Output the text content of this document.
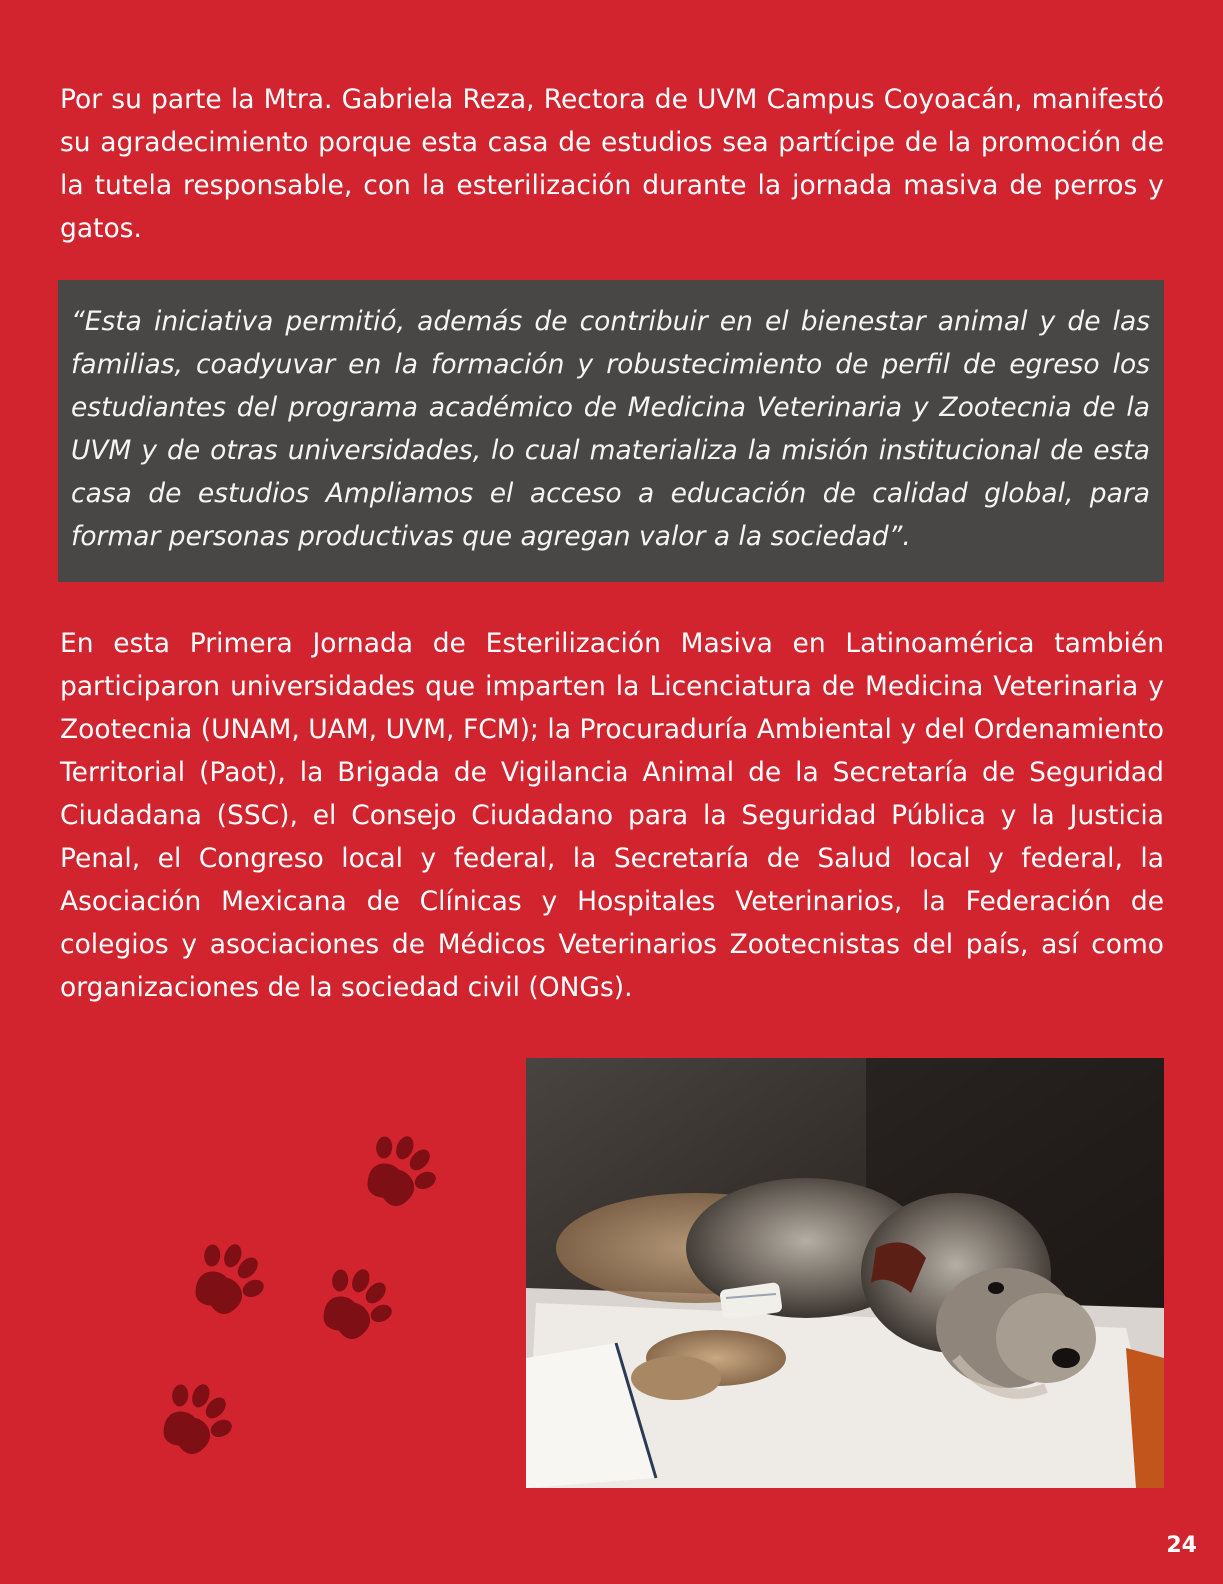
Por su parte la Mtra. Gabriela Reza, Rectora de UVM Campus Coyoacán, manifestó su agradecimiento porque esta casa de estudios sea partícipe de la promoción de la tutela responsable, con la esterilización durante la jornada masiva de perros y gatos.

“Esta iniciativa permitió, además de contribuir en el bienestar animal y de las familias, coadyuvar en la formación y robustecimiento de perfil de egreso los estudiantes del programa académico de Medicina Veterinaria y Zootecnia de la UVM y de otras universidades, lo cual materializa la misión institucional de esta casa de estudios Ampliamos el acceso a educación de calidad global, para formar personas productivas que agregan valor a la sociedad”.

En esta Primera Jornada de Esterilización Masiva en Latinoamérica también participaron universidades que imparten la Licenciatura de Medicina Veterinaria y Zootecnia (UNAM, UAM, UVM, FCM); la Procuraduría Ambiental y del Ordenamiento Territorial (Paot), la Brigada de Vigilancia Animal de la Secretaría de Seguridad Ciudadana (SSC), el Consejo Ciudadano para la Seguridad Pública y la Justicia Penal, el Congreso local y federal, la Secretaría de Salud local y federal, la Asociación Mexicana de Clínicas y Hospitales Veterinarios, la Federación de colegios y asociaciones de Médicos Veterinarios Zootecnistas del país, así como organizaciones de la sociedad civil (ONGs).

24
